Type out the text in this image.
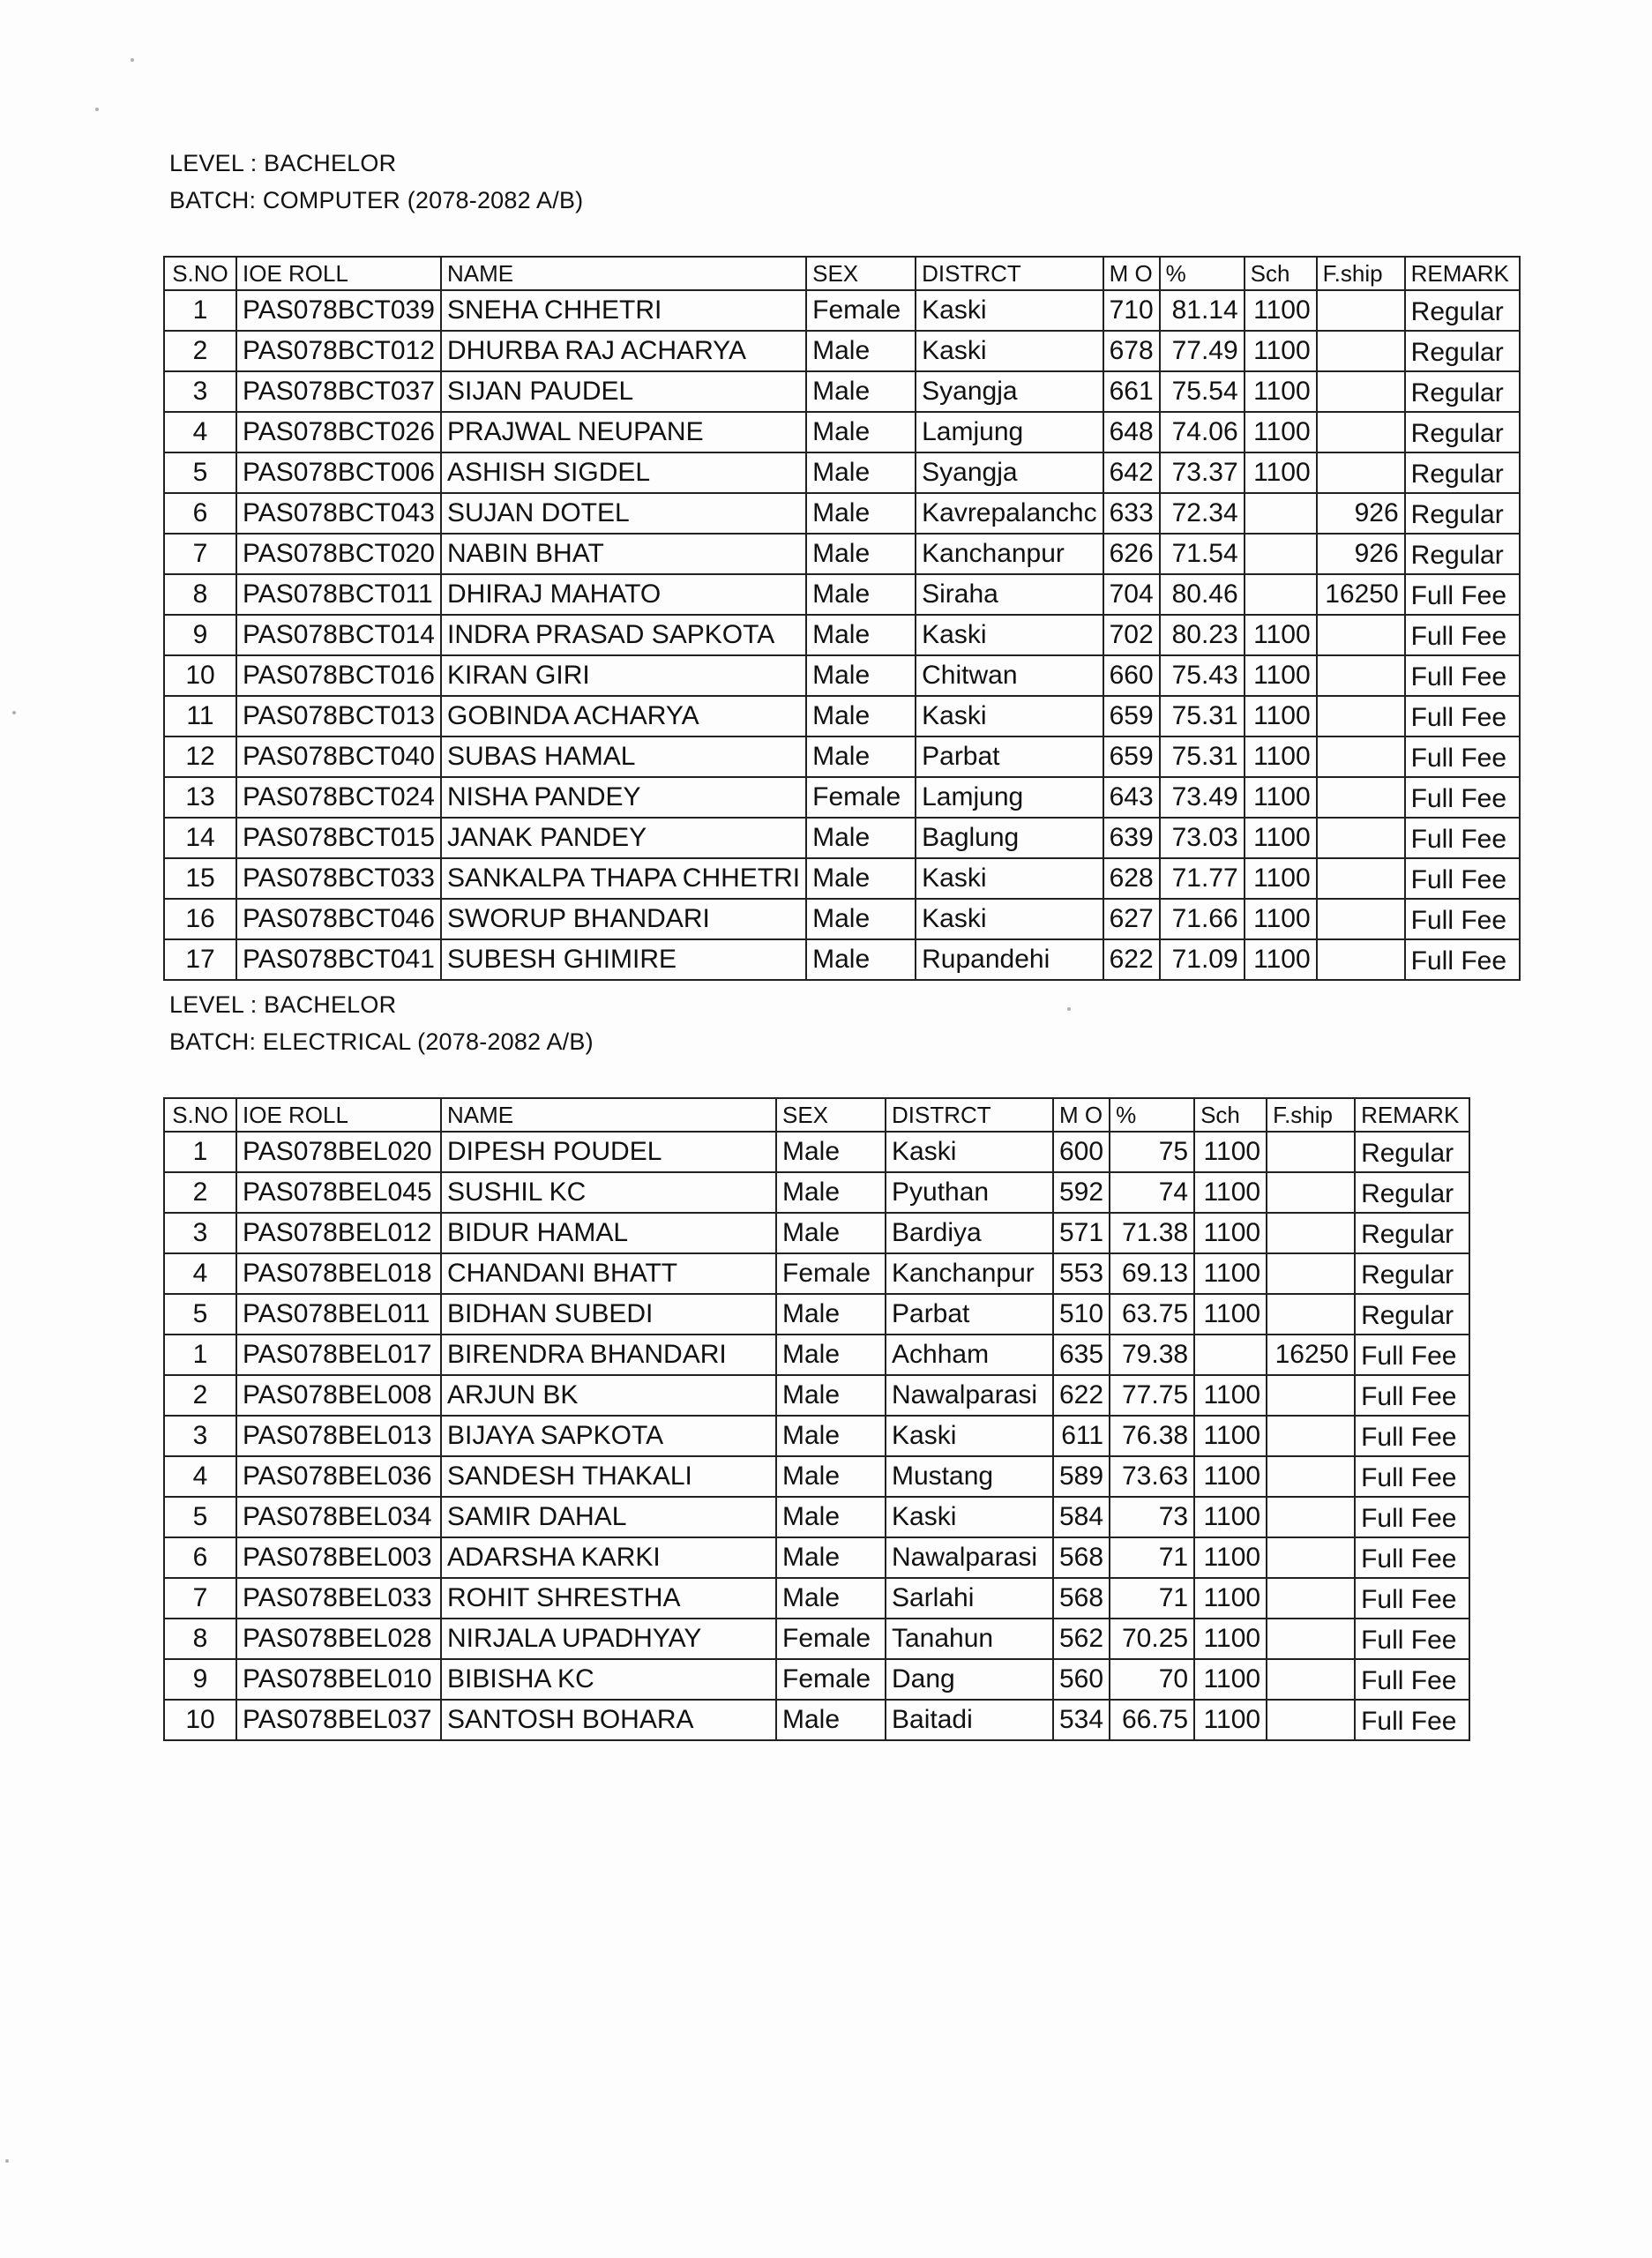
LEVEL : BACHELOR
BATCH: COMPUTER (2078-2082 A/B)
S.NO	IOE ROLL	NAME	SEX	DISTRCT	M O	%	Sch	F.ship	REMARK
1	PAS078BCT039	SNEHA CHHETRI	Female	Kaski	710	81.14	1100		Regular
2	PAS078BCT012	DHURBA RAJ ACHARYA	Male	Kaski	678	77.49	1100		Regular
3	PAS078BCT037	SIJAN PAUDEL	Male	Syangja	661	75.54	1100		Regular
4	PAS078BCT026	PRAJWAL NEUPANE	Male	Lamjung	648	74.06	1100		Regular
5	PAS078BCT006	ASHISH SIGDEL	Male	Syangja	642	73.37	1100		Regular
6	PAS078BCT043	SUJAN DOTEL	Male	Kavrepalanchc	633	72.34		926	Regular
7	PAS078BCT020	NABIN BHAT	Male	Kanchanpur	626	71.54		926	Regular
8	PAS078BCT011	DHIRAJ MAHATO	Male	Siraha	704	80.46		16250	Full Fee
9	PAS078BCT014	INDRA PRASAD SAPKOTA	Male	Kaski	702	80.23	1100		Full Fee
10	PAS078BCT016	KIRAN GIRI	Male	Chitwan	660	75.43	1100		Full Fee
11	PAS078BCT013	GOBINDA ACHARYA	Male	Kaski	659	75.31	1100		Full Fee
12	PAS078BCT040	SUBAS HAMAL	Male	Parbat	659	75.31	1100		Full Fee
13	PAS078BCT024	NISHA PANDEY	Female	Lamjung	643	73.49	1100		Full Fee
14	PAS078BCT015	JANAK PANDEY	Male	Baglung	639	73.03	1100		Full Fee
15	PAS078BCT033	SANKALPA THAPA CHHETRI	Male	Kaski	628	71.77	1100		Full Fee
16	PAS078BCT046	SWORUP BHANDARI	Male	Kaski	627	71.66	1100		Full Fee
17	PAS078BCT041	SUBESH GHIMIRE	Male	Rupandehi	622	71.09	1100		Full Fee
LEVEL : BACHELOR
BATCH: ELECTRICAL (2078-2082 A/B)
S.NO	IOE ROLL	NAME	SEX	DISTRCT	M O	%	Sch	F.ship	REMARK
1	PAS078BEL020	DIPESH POUDEL	Male	Kaski	600	75	1100		Regular
2	PAS078BEL045	SUSHIL KC	Male	Pyuthan	592	74	1100		Regular
3	PAS078BEL012	BIDUR HAMAL	Male	Bardiya	571	71.38	1100		Regular
4	PAS078BEL018	CHANDANI BHATT	Female	Kanchanpur	553	69.13	1100		Regular
5	PAS078BEL011	BIDHAN SUBEDI	Male	Parbat	510	63.75	1100		Regular
1	PAS078BEL017	BIRENDRA BHANDARI	Male	Achham	635	79.38		16250	Full Fee
2	PAS078BEL008	ARJUN BK	Male	Nawalparasi	622	77.75	1100		Full Fee
3	PAS078BEL013	BIJAYA SAPKOTA	Male	Kaski	611	76.38	1100		Full Fee
4	PAS078BEL036	SANDESH THAKALI	Male	Mustang	589	73.63	1100		Full Fee
5	PAS078BEL034	SAMIR DAHAL	Male	Kaski	584	73	1100		Full Fee
6	PAS078BEL003	ADARSHA KARKI	Male	Nawalparasi	568	71	1100		Full Fee
7	PAS078BEL033	ROHIT SHRESTHA	Male	Sarlahi	568	71	1100		Full Fee
8	PAS078BEL028	NIRJALA UPADHYAY	Female	Tanahun	562	70.25	1100		Full Fee
9	PAS078BEL010	BIBISHA KC	Female	Dang	560	70	1100		Full Fee
10	PAS078BEL037	SANTOSH BOHARA	Male	Baitadi	534	66.75	1100		Full Fee
